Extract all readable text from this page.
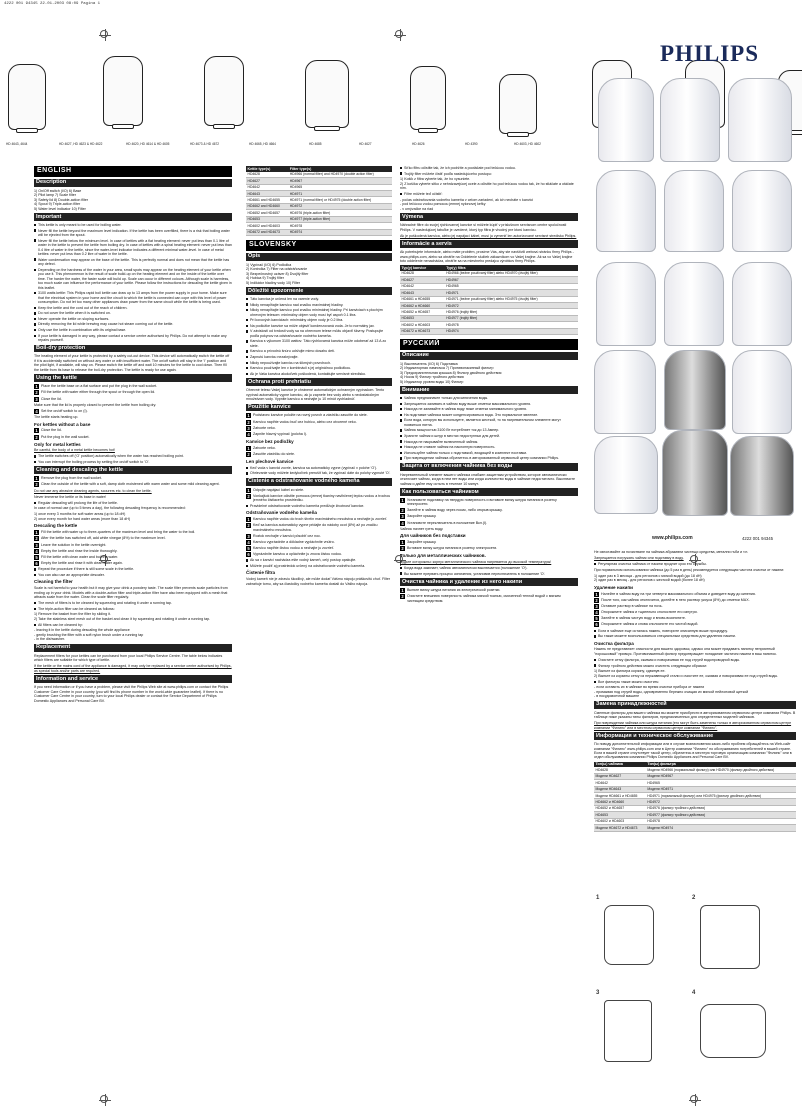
4222 001 94345 22-01-2003 08:09 Pagina 1

HD 4643, 4644	HD 4627, HD 4623 & HD 4622	HD 4620, HD 4614 & HD 4605	HD 4673 & HD 4672	HD 4665, HD 4664	HD 4685	HD 4627	HD 4626	HD 4390	HD 4603, HD 4602
PHILIPS
www.philips.com	4222 001 94345
ENGLISH
Description
1) On/Off switch (I/O) 6) Base
2) Pilot lamp 7) Scale filter
3) Safety lid 8) Double-action filter
4) Spout 9) Triple-action filter
5) Water level indicator 10) Filter
Important
This kettle is only meant to be used for boiling water.
Never fill the kettle beyond the maximum level indication. If the kettle has been overfilled, there is a risk that boiling water will be ejected from the spout.
Never fill the kettle below the minimum level. In case of kettles with a flat heating element: never put less than 0.1 litre of water in the kettle to prevent the kettle from boiling dry. In case of kettles with a spiral heating element: never put less than 0.4 litre of water in the kettle, since the water-level indicator indicates a different minimal water-level. In case of metal kettles: never put less than 0.2 litre of water in the kettle.
Water condensation may appear on the base of the kettle. This is perfectly normal and does not mean that the kettle has any defect.
Depending on the hardness of the water in your area, small spots may appear on the heating element of your kettle when you use it. This phenomenon is the result of scale build-up on the heating element and on the inside of the kettle over time. The harder the water, the faster scale will build up. Scale can occur in different colours. Although scale is harmless, too much scale can influence the performance of your kettle. Please follow the instructions for descaling the kettle given in this leaflet.
3100 watts kettle: This Philips rapid boil kettle can draw up to 13 amps from the power supply in your home. Make sure that the electrical system in your home and the circuit to which the kettle is connected can cope with this level of power consumption. Do not let too many other appliances draw power from the same circuit while the kettle is being used.
Keep the kettle and the cord out of the reach of children.
Do not cover the kettle when it is switched on.
Never operate the kettle on sloping surfaces.
Directly removing the lid while brewing may cause hot steam coming out of the kettle.
Only use the kettle in combination with its original base.
If your kettle is damaged in any way, please contact a service centre authorised by Philips. Do not attempt to make any repairs yourself.
Boil-dry protection
The heating element of your kettle is protected by a safety cut-out device. This device will automatically switch the kettle off if it is accidentally switched on without any water or with insufficient water. The on/off switch will stay in the 'I' position and the pilot light, if available, will stay on. Please switch the kettle off and wait 10 minutes for the kettle to cool down. Then fill the kettle from its base to release the boil-dry protection. The kettle is ready for use again.
Using the kettle
1 Place the kettle base on a flat surface and put the plug in the wall socket.
2 Fill the kettle with water either through the spout or through the open lid.
3 Close the lid.
Make sure that the lid is properly closed to prevent the kettle from boiling dry.
4 Set the on/off switch to on (I).
The kettle starts heating up.
For kettles without a base
1 Close the lid.
2 Put the plug in the wall socket.
Only for metal kettles
Be careful, the body of a metal kettle becomes hot!
The kettle switches off ('O' position) automatically when the water has reached boiling point.
You can interrupt the boiling process by setting the on/off switch to 'O'.
Cleaning and descaling the kettle
1 Remove the plug from the wall socket.
2 Clean the outside of the kettle with a soft, damp cloth moistened with warm water and some mild cleaning agent.
Do not use any abrasive cleaning agents, scourers etc. to clean the kettle.
Never immerse the kettle or its base in water!
Regular descaling will prolong the life of the kettle.
In case of normal use (up to 5 times a day), the following descaling frequency is recommended:
1) once every 3 months for soft water areas (up to 18 dH)
2) once every month for hard water areas (more than 18 dH)
Descaling the kettle
1 Fill the kettle with water up to three-quarters of the maximum level and bring the water to the boil.
2 After the kettle has switched off, add white vinegar (8%) to the maximum level.
3 Leave the solution in the kettle overnight.
4 Empty the kettle and rinse the inside thoroughly.
5 Fill the kettle with clean water and boil the water.
6 Empty the kettle and rinse it with clean water again.
Repeat the procedure if there is still some scale in the kettle.
You can also use an appropriate descaler.
Cleaning the filter
Scale is not harmful to your health but it may give your drink a powdery taste. The scale filter prevents scale particles from ending up in your drink. Models with a double-action filter and triple-action filter have also been equipped with a mesh that attracts scale from the water. Clean the scale filter regularly.
The mesh of filters is to be cleaned by squeezing and rotating it under a running tap.
The triple-action filter can be cleaned as follows:
1) Remove the basket from the filter by sliding it.
2) Take the stainless steel mesh out of the basket and clean it by squeezing and rotating it under a running tap.
All filters can be cleaned by:
- leaving it in the kettle during descaling the whole appliance
- gently brushing the filter with a soft nylon brush under a running tap
- in the dishwasher.
Replacement
Replacement filters for your kettles can be purchased from your local Philips Service Centre. The table below indicates which filters are suitable for which type of kettle.
If the kettle or the mains cord of the appliance is damaged, it may only be replaced by a service centre authorised by Philips, as special tools and/or parts are required.
Information and service
If you need information or if you have a problem, please visit the Philips Web site at www.philips.com or contact the Philips Customer Care Centre in your country (you will find its phone number in the world-wide guarantee leaflet). If there is no Customer Care Centre in your country, turn to your local Philips dealer or contact the Service Department of Philips Domestic Appliances and Personal Care BV.
Kettle type(s)	Filter type(s)
HD4628	HD4966 (normal filter) and HD4970 (double action filter)
HD4627	HD4967
HD4642	HD4965
HD4643	HD4971
HD4661 and HD4655	HD4971 (normal filter) or HD4975 (double action filter)
HD4662 and HD4660	HD4972
HD4652 and HD4657	HD4976 (triple-action filter)
HD4653	HD4977 (triple-action filter)
HD4602 and HD4603	HD4978
HD4672 and HD4673	HD4974
SLOVENSKY
Opis
1) Vypínač (I/O) 6) Podložka
2) Kontrolka 7) Filter na odstráňovanie
3) Bezpečnostný uzáver 8) Dvojitý filter
4) Hubica 9) Trojitý filter
5) Indikátor hladiny vody 10) Filter
Dôležité upozornenie
Táto kanvica je určená len na varenie vody.
Nikdy nenapĺňajte kanvicu nad značku maximálnej hladiny.
Nikdy nenapĺňajte kanvicu pod značku minimálnej hladiny. Pri kanviciach s plochým ohrevným telesom: minimálny objem vody musí byť aspoň 0.1 litra.
Pri kovových kanviciach: minimálny objem vody je 0.2 litra.
Na podložke kanvice sa môže objaviť kondenzovaná voda. Je to normálny jav.
V závislosti od tvrdosti vody sa na ohrevnom telese môžu objaviť škvrny. Postupujte podľa pokynov na odstraňovanie vodného kameňa.
Kanvica s výkonom 3100 wattov: Táto rýchlovarná kanvica môže odoberať až 13 A zo siete.
Kanvicu a prívodnú šnúru udržujte mimo dosahu detí.
Zapnutú kanvicu nezakrývajte.
Nikdy nepoužívajte kanvicu na šikmých povrchoch.
Kanvicu používajte len v kombinácii s jej originálnou podložkou.
Ak je Vaša kanvica akokoľvek poškodená, kontaktujte servisné stredisko.
Ochrana proti prehriatiu
Ohrevné teleso Vašej kanvice je chránené automatickým ochranným vypínačom. Tento vypínač automaticky vypne kanvicu, ak ju zapnete bez vody alebo s nedostatočným množstvom vody. Vypnite kanvicu a nechajte ju 10 minút vychladnúť.
Použitie kanvice
1 Podstavec kanvice položte na rovný povrch a zástrčku zasuňte do siete.
2 Kanvicu naplňte vodou buď cez hubicu, alebo cez otvorené veko.
3 Zatvorte veko.
4 Zapnite hlavný vypínač (poloha I).
Kanvice bez podložky
1 Zatvorte veko.
2 Zasuňte zástrčku do siete.
Len plechové kanvice
Keď voda v kanvici zovrie, kanvica sa automaticky vypne (vypínač v polohe 'O').
Ohrievanie vody môžete kedykoľvek prerušiť tak, že vypínač dáte do polohy vypnuté 'O'.
Čistenie a odstraňovanie vodného kameňa
1 Odpojte napájací kábel zo siete.
2 Vonkajšok kanvice očistite pomocou jemnej tkaniny navlhčenej teplou vodou a trochou jemného čistiaceho prostriedku.
Pravidelné odstraňovanie vodného kameňa predĺžuje životnosť kanvice.
Odstraňovanie vodného kameňa
1 Kanvicu naplňte vodou do troch štvrtín maximálneho množstva a nechajte ju zovrieť.
2 Keď sa kanvica automaticky vypne pridajte do nádoby ocot (8%) až po značku maximálneho množstva.
3 Roztok nechajte v kanvici pôsobiť cez noc.
4 Kanvicu vyprázdnite a dôkladne vypláchnite vnútro.
5 Kanvicu naplňte čistou vodou a nechajte ju zovrieť.
6 Vyprázdnite kanvicu a opláchnite ju znova čistou vodou.
Ak sa v kanvici nachádza ešte vodný kameň, celý postup opakujte.
Môžete použiť aj prostriedok určený na odstraňovanie vodného kameňa.
Čistenie filtra
Vodný kameň nie je zdraviu škodlivý, ale môže dodať Vášmu nápoju práškovitú chuť. Filter zabraňuje tomu, aby sa čiastočky vodného kameňa dostali do Vášho nápoja.
Síťko filtru očistite tak, že ich podržíte a pootáčate pod tečúcou vodou.
Trojitý filter môžete čistiť podľa nasledujúceho postupu:
1) Košík z filtra vyberte tak, že ho vysuniete.
2) Z košíka vyberte sitko z nehrdzavejúcej ocele a očistite ho pod tečúcou vodou tak, že ho stláčate a otáčate nim.
Filtre môžete teď očistiť:
- počas odstraňovania vodného kameňa v celom zariadení, ak ich necháte v kanvici
- pod tečúcou vodou pomocou jemnej nylonovej kefky
- v umývačke na riad
Výmena
Náhradné filtre do svojej rýchlovarnej kanvice si môžete kúpiť v príslušnom servisnom centre spoločnosti Philips. V nasledujúcej tabuľke je uvedené, ktorý typ filtra je vhodný pre ktorú kanvicu.
Ak je poškodená kanvica, alebo jej napájací kábel, musí ju vymeniť len autorizované servisné stredisko Philips.
Informácie a servis
Ak potrebujete informácie, alebo máte problém, prosíme Vás, aby ste navštívili webovú stránku firmy Philips - www.philips.com, alebo sa obráťte na Oddelenie služieb zákazníkom vo Vašej krajine. Ak sa vo Vašej krajine toto oddelenie nenachádza, obráťte sa na miestneho predajcu výrobkov firmy Philips.
Typ(y) kanvice	Typ(y) filtra
HD4628	HD4966 (bežne používaný filter) alebo HD4970 (dvojitý filter)
HD4627	HD4967
HD4642	HD4965
HD4643	HD4971
HD4661 a HD4655	HD4971 (bežne používaný filter) alebo HD4975 (dvojitý filter)
HD4662 a HD4660	HD4972
HD4652 a HD4657	HD4976 (trojitý filter)
HD4653	HD4977 (trojitý filter)
HD4602 a HD4603	HD4978
HD4672 a HD4673	HD4974
РУССКИЙ
Описание
1) Выключатель (I/O) 6) Подставка
2) Индикаторная лампочка 7) Противонакипный фильтр
3) Предохранительная крышка 8) Фильтр двойного действия
4) Носик 9) Фильтр тройного действия
5) Индикатор уровня воды 10) Фильтр
Внимание
Чайник предназначен только для кипячения воды.
Запрещается заливать в чайник воду выше отметки максимального уровня.
Никогда не заливайте в чайник воду ниже отметки минимального уровня.
На подставке чайника может конденсироваться вода. Это нормальное явление.
Если вода, которую вы используете, является жесткой, то на нагревательном элементе могут появиться пятна.
Чайник мощностью 3100 Вт потребляет ток до 13 Ампер.
Храните чайник и шнур в местах недоступных для детей.
Никогда не накрывайте включенный чайник.
Никогда не ставьте чайник на наклонную поверхность.
Используйте чайник только с подставкой, входящей в комплект поставки.
При повреждении чайника обратитесь в авторизованный сервисный центр компании Philips.
Защита от включения чайника без воды
Нагревательный элемент вашего чайника снабжен защитным устройством, которое автоматически отключает чайник, когда в нем нет воды или когда количество воды в чайнике недостаточно. Выключите чайник и дайте ему остыть в течение 10 минут.
Как пользоваться чайником
1 Установите подставку на твердую поверхность и вставьте вилку шнура питания в розетку электросети.
2 Залейте в чайник воду через носик, либо открыв крышку.
3 Закройте крышку.
4 Установите переключатель в положение Вкл.(I).
Чайник начнет греть воду.
Для чайников без подставки
1 Закройте крышку.
2 Вставьте вилку шнура питания в розетку электросети.
Только для металлических чайников.
Будьте осторожны: корпус металлического чайника нагревается до высокой температуры!
Когда вода закипает, чайник автоматически выключается (положение 'O').
Вы можете прервать процесс кипячения, установив переключатель в положение 'O'.
Очистка чайника и удаление из него накипи
1 Выньте вилку шнура питания из электрической розетки.
2 Очистите внешнюю поверхность чайника мягкой тканью, смоченной теплой водой с мягким чистящим средством.
Не използвайте за почистване на чайника абразивни чистещи средства, метални гъби и т.п.
Запрещается погружать чайник или подставку в воду.
Регулярная очистка чайника от накипи продлит срок его службы.
При нормальном использовании чайника (до 5 раз в день) рекомендуется следующая частота очистки от накипи:
1) один раз в 3 месяца - для регионов с мягкой водой (до 18 dH)
2) один раз в месяц - для регионов с жесткой водой (более 18 dH)
Удаление накипи
1 Налейте в чайник воду на три четверти максимального объема и доведите воду до кипения.
2 После того, как чайник отключится, долейте в него раствор уксуса (8%) до отметки MAX.
3 Оставьте раствор в чайнике на ночь.
4 Опорожните чайник и тщательно сполосните его изнутри.
5 Залейте в чайник чистую воду и вновь вскипятите.
6 Опорожните чайник и снова сполосните его чистой водой.
Если в чайнике еще осталась накипь, повторите описанную выше процедуру.
Вы также можете воспользоваться специальным средством для удаления накипи.
Очистка фильтра
Накипь не представляет опасности для вашего здоровья, однако она может придавать напитку неприятный "порошковый" привкус. Противонакипный фильтр предотвращает попадание частичек накипи в ваш напиток.
Очистите сетку фильтра, сжимая и поворачивая ее под струей водопроводной воды.
Фильтр тройного действия можно очистить следующим образом:
1) Выньте из фильтра корзину, сдвинув ее.
2) Выньте из корзины сетку из нержавеющей стали и очистите ее, сжимая и поворачивая ее под струей воды.
Все фильтры также можно очистить:
- если оставить их в чайнике во время очистки прибора от накипи
- промывая под струей воды, одновременно бережно очищая их мягкой нейлоновой щеткой
- в посудомоечной машине
Замена принадлежностей
Сменные фильтры для вашего чайника вы можете приобрести в авторизованном сервисном центре компании Philips. В таблице ниже указаны типы фильтров, предназначенных для определенных моделей чайников.
При повреждении чайника или шнура питания (его могут быть заменены только в авторизованном сервисном центре компании "Филипс" или в местном сервисном центре компании "Филипс".
Информация и техническое обслуживание
По поводу дополнительной информации или в случае возникновения каких-либо проблем обращайтесь на Web-сайт компании "Филипс" www.philips.com или в Центр компании "Филипс" по обслуживанию потребителей в вашей стране. Если в вашей стране отсутствует такой центр, обратитесь в местную торговую организацию компании "Филипс" или в отдел обслуживания компании Philips Domestic Appliances and Personal Care BV.
Тип(ы) чайника	Тип(ы) фильтра
HD4628	Модели HD4966 (нормальный фильтр) или HD4970 (фильтр двойного действия)
Модели HD4627	Модели HD4967
HD4642	HD4965
Модели HD4643	Модели HD4971
Модели HD4661 и HD4655	HD4971 (нормальный фильтр) или HD4975 (фильтр двойного действия)
HD4662 и HD4660	HD4972
HD4652 и HD4657	HD4976 (фильтр тройного действия)
HD4653	HD4977 (фильтр тройного действия)
HD4602 и HD4603	HD4978
Модели HD4672 и HD4673	Модели HD4974
1	2
3	4
